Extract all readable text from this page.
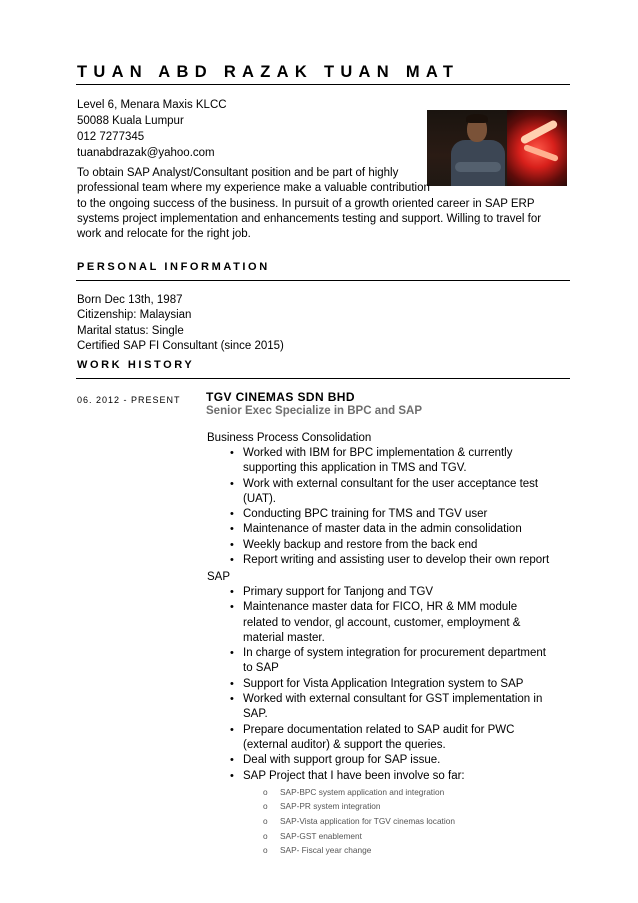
TUAN ABD RAZAK TUAN MAT
Level 6, Menara Maxis KLCC
50088 Kuala Lumpur
012 7277345
tuanabdrazak@yahoo.com

To obtain SAP Analyst/Consultant position and be part of highly

professional team where my experience make a valuable contribution

to the ongoing success of the business. In pursuit of a growth oriented career in SAP ERP

systems project implementation and enhancements testing and support. Willing to travel for

work and relocate for the right job.

PERSONAL INFORMATION
Born Dec 13th, 1987
Citizenship: Malaysian
Marital status: Single
Certified SAP FI Consultant (since 2015)
WORK HISTORY
06. 2012 - PRESENT TGV CINEMAS SDN BHD
Senior Exec Specialize in BPC and SAP
Business Process Consolidation
• Worked with IBM for BPC implementation & currently
supporting this application in TMS and TGV.
• Work with external consultant for the user acceptance test
(UAT).
• Conducting BPC training for TMS and TGV user
• Maintenance of master data in the admin consolidation
• Weekly backup and restore from the back end
• Report writing and assisting user to develop their own report
SAP
• Primary support for Tanjong and TGV
• Maintenance master data for FICO, HR & MM module
related to vendor, gl account, customer, employment &
material master.
• In charge of system integration for procurement department
to SAP
• Support for Vista Application Integration system to SAP
• Worked with external consultant for GST implementation in
SAP.
• Prepare documentation related to SAP audit for PWC
(external auditor) & support the queries.
• Deal with support group for SAP issue.
• SAP Project that I have been involve so far:
o SAP-BPC system application and integration
o SAP-PR system integration
o SAP-Vista application for TGV cinemas location
o SAP-GST enablement
o SAP- Fiscal year change
